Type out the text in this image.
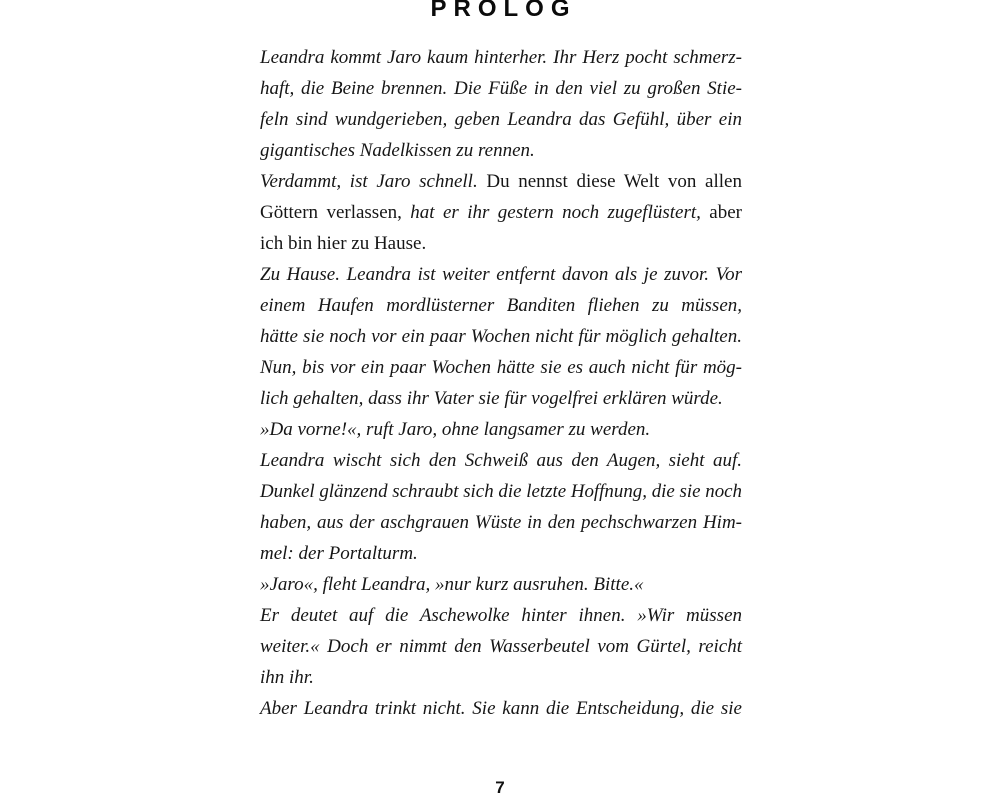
PROLOG
Leandra kommt Jaro kaum hinterher. Ihr Herz pocht schmerz-
haft, die Beine brennen. Die Füße in den viel zu großen Stie-
feln sind wundgerieben, geben Leandra das Gefühl, über ein
gigantisches Nadelkissen zu rennen.
Verdammt, ist Jaro schnell. Du nennst diese Welt von allen
Göttern verlassen, hat er ihr gestern noch zugeflüstert, aber
ich bin hier zu Hause.
Zu Hause. Leandra ist weiter entfernt davon als je zuvor. Vor
einem Haufen mordlüsterner Banditen fliehen zu müssen,
hätte sie noch vor ein paar Wochen nicht für möglich gehalten.
Nun, bis vor ein paar Wochen hätte sie es auch nicht für mög-
lich gehalten, dass ihr Vater sie für vogelfrei erklären würde.
»Da vorne!«, ruft Jaro, ohne langsamer zu werden.
Leandra wischt sich den Schweiß aus den Augen, sieht auf.
Dunkel glänzend schraubt sich die letzte Hoffnung, die sie noch
haben, aus der aschgrauen Wüste in den pechschwarzen Him-
mel: der Portalturm.
»Jaro«, fleht Leandra, »nur kurz ausruhen. Bitte.«
Er deutet auf die Aschewolke hinter ihnen. »Wir müssen
weiter.« Doch er nimmt den Wasserbeutel vom Gürtel, reicht
ihn ihr.
Aber Leandra trinkt nicht. Sie kann die Entscheidung, die sie
7
